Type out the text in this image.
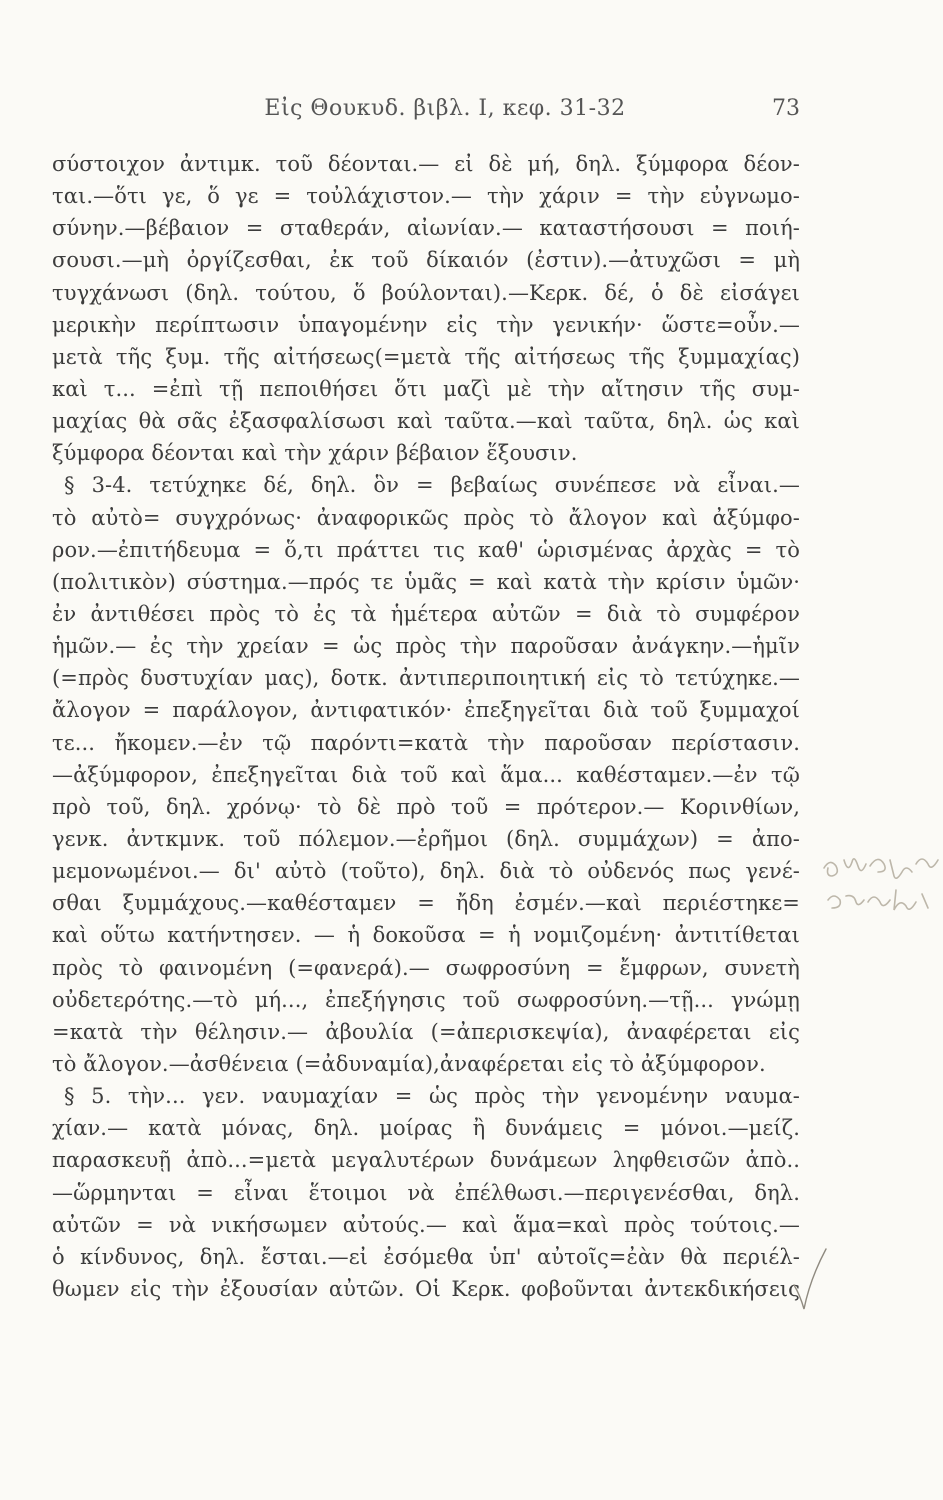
Εἰς Θουκυδ. βιβλ. Ι, κεφ. 31-32	73
σύστοιχον ἀντιμκ. τοῦ δέονται.— εἰ δὲ μή, δηλ. ξύμφορα δέον-
ται.—ὅτι γε, ὅ γε = τοὐλάχιστον.— τὴν χάριν = τὴν εὐγνωμο-
σύνην.—βέβαιον = σταθεράν, αἰωνίαν.— καταστήσουσι = ποιή-
σουσι.—μὴ ὀργίζεσθαι, ἐκ τοῦ δίκαιόν (ἐστιν).—ἀτυχῶσι = μὴ
τυγχάνωσι (δηλ. τούτου, ὅ βούλονται).—Κερκ. δέ, ὁ δὲ εἰσάγει
μερικὴν περίπτωσιν ὑπαγομένην εἰς τὴν γενικήν· ὥστε=οὖν.—
μετὰ τῆς ξυμ. τῆς αἰτήσεως(=μετὰ τῆς αἰτήσεως τῆς ξυμμαχίας)
καὶ τ... =ἐπὶ τῇ πεποιθήσει ὅτι μαζὶ μὲ τὴν αἴτησιν τῆς συμ-
μαχίας θὰ σᾶς ἐξασφαλίσωσι καὶ ταῦτα.—καὶ ταῦτα, δηλ. ὡς καὶ
ξύμφορα δέονται καὶ τὴν χάριν βέβαιον ἕξουσιν.
§ 3-4. τετύχηκε δέ, δηλ. ὃν = βεβαίως συνέπεσε νὰ εἶναι.—
τὸ αὐτὸ= συγχρόνως· ἀναφορικῶς πρὸς τὸ ἄλογον καὶ ἀξύμφο-
ρον.—ἐπιτήδευμα = ὅ,τι πράττει τις καθ' ὡρισμένας ἀρχὰς = τὸ
(πολιτικὸν) σύστημα.—πρός τε ὑμᾶς = καὶ κατὰ τὴν κρίσιν ὑμῶν·
ἐν ἀντιθέσει πρὸς τὸ ἐς τὰ ἡμέτερα αὐτῶν = διὰ τὸ συμφέρον
ἡμῶν.— ἐς τὴν χρείαν = ὡς πρὸς τὴν παροῦσαν ἀνάγκην.—ἡμῖν
(=πρὸς δυστυχίαν μας), δοτκ. ἀντιπεριποιητική εἰς τὸ τετύχηκε.—
ἄλογον = παράλογον, ἀντιφατικόν· ἐπεξηγεῖται διὰ τοῦ ξυμμαχοί
τε... ἤκομεν.—ἐν τῷ παρόντι=κατὰ τὴν παροῦσαν περίστασιν.
—ἀξύμφορον, ἐπεξηγεῖται διὰ τοῦ καὶ ἅμα... καθέσταμεν.—ἐν τῷ
πρὸ τοῦ, δηλ. χρόνῳ· τὸ δὲ πρὸ τοῦ = πρότερον.— Κορινθίων,
γενκ. ἀντκμνκ. τοῦ πόλεμον.—ἐρῆμοι (δηλ. συμμάχων) = ἀπο-
μεμονωμένοι.— δι' αὐτὸ (τοῦτο), δηλ. διὰ τὸ οὐδενός πως γενέ-
σθαι ξυμμάχους.—καθέσταμεν = ἤδη ἐσμέν.—καὶ περιέστηκε=
καὶ οὕτω κατήντησεν. — ἡ δοκοῦσα = ἡ νομιζομένη· ἀντιτίθεται
πρὸς τὸ φαινομένη (=φανερά).— σωφροσύνη = ἔμφρων, συνετὴ
οὐδετερότης.—τὸ μή..., ἐπεξήγησις τοῦ σωφροσύνη.—τῇ... γνώμῃ
=κατὰ τὴν θέλησιν.— ἀβουλία (=ἀπερισκεψία), ἀναφέρεται εἰς
τὸ ἄλογον.—ἀσθένεια (=ἀδυναμία),ἀναφέρεται εἰς τὸ ἀξύμφορον.
§ 5. τὴν... γεν. ναυμαχίαν = ὡς πρὸς τὴν γενομένην ναυμα-
χίαν.— κατὰ μόνας, δηλ. μοίρας ἢ δυνάμεις = μόνοι.—μείζ.
παρασκευῇ ἀπὸ...=μετὰ μεγαλυτέρων δυνάμεων ληφθεισῶν ἀπὸ..
—ὥρμηνται = εἶναι ἕτοιμοι νὰ ἐπέλθωσι.—περιγενέσθαι, δηλ.
αὐτῶν = νὰ νικήσωμεν αὐτούς.— καὶ ἅμα=καὶ πρὸς τούτοις.—
ὁ κίνδυνος, δηλ. ἔσται.—εἰ ἐσόμεθα ὑπ' αὐτοῖς=ἐὰν θὰ περιέλ-
θωμεν εἰς τὴν ἐξουσίαν αὐτῶν. Οἱ Κερκ. φοβοῦνται ἀντεκδικήσεις
